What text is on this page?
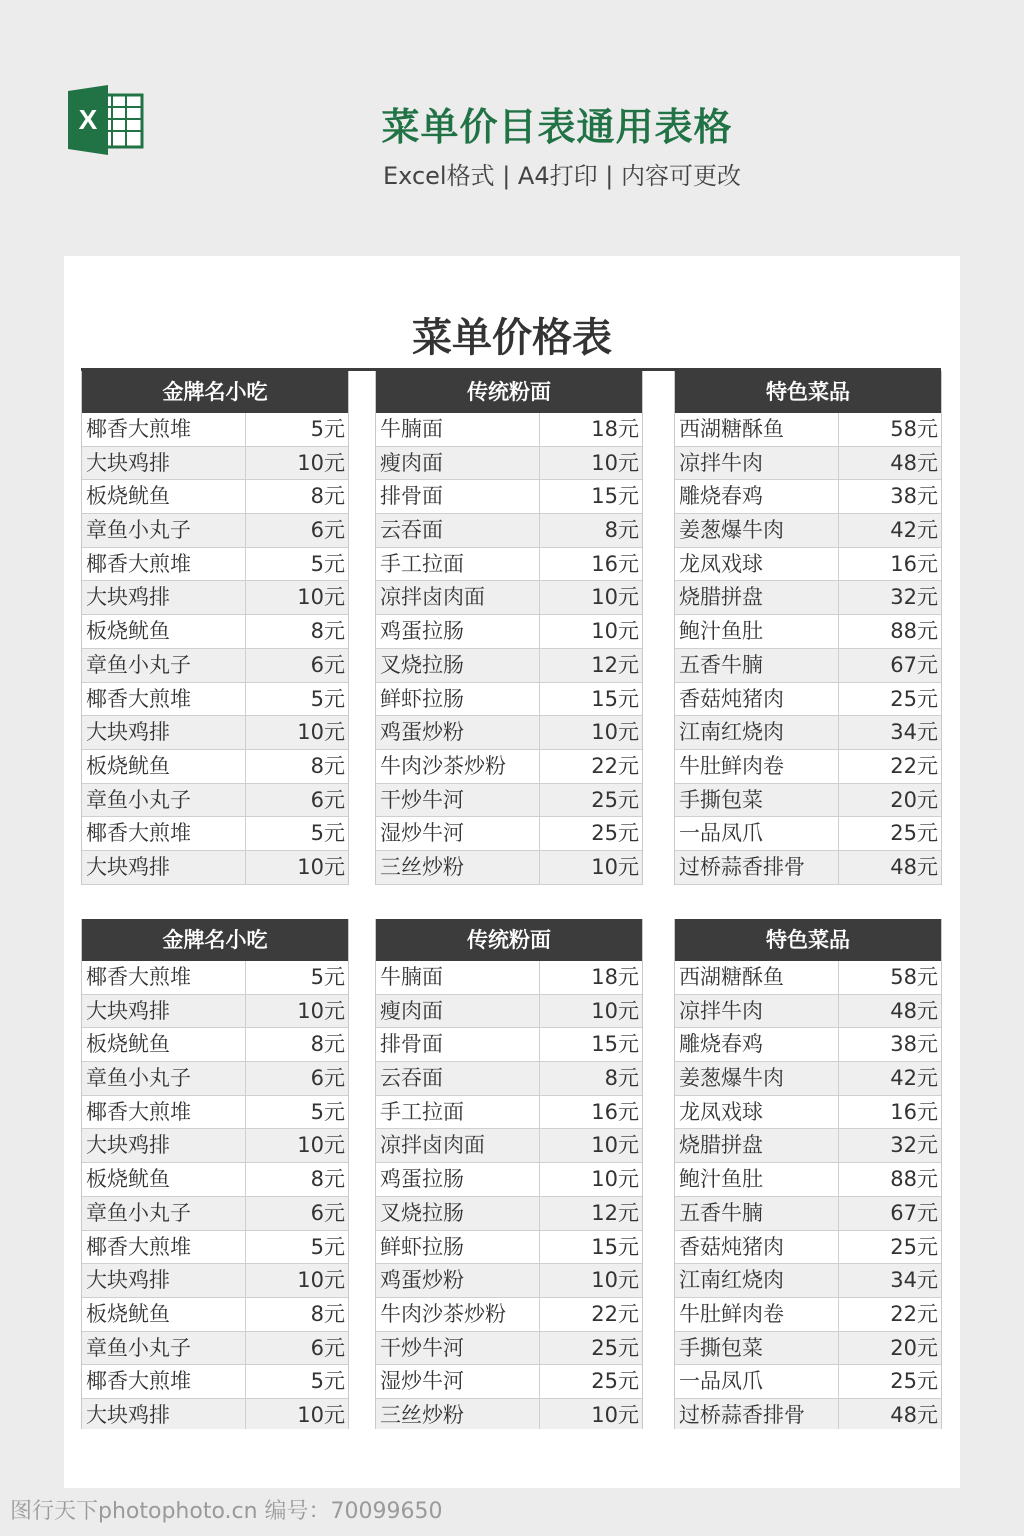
X	菜单价目表通用表格
Excel格式 | A4打印 | 内容可更改
菜单价格表
金牌名小吃
椰香大煎堆	5元
大块鸡排	10元
板烧鱿鱼	8元
章鱼小丸子	6元
椰香大煎堆	5元
大块鸡排	10元
板烧鱿鱼	8元
章鱼小丸子	6元
椰香大煎堆	5元
大块鸡排	10元
板烧鱿鱼	8元
章鱼小丸子	6元
椰香大煎堆	5元
大块鸡排	10元
传统粉面
牛腩面	18元
瘦肉面	10元
排骨面	15元
云吞面	8元
手工拉面	16元
凉拌卤肉面	10元
鸡蛋拉肠	10元
叉烧拉肠	12元
鲜虾拉肠	15元
鸡蛋炒粉	10元
牛肉沙茶炒粉	22元
干炒牛河	25元
湿炒牛河	25元
三丝炒粉	10元
特色菜品
西湖糖酥鱼	58元
凉拌牛肉	48元
雕烧春鸡	38元
姜葱爆牛肉	42元
龙凤戏球	16元
烧腊拼盘	32元
鲍汁鱼肚	88元
五香牛腩	67元
香菇炖猪肉	25元
江南红烧肉	34元
牛肚鲜肉卷	22元
手撕包菜	20元
一品凤爪	25元
过桥蒜香排骨	48元
金牌名小吃
椰香大煎堆	5元
大块鸡排	10元
板烧鱿鱼	8元
章鱼小丸子	6元
椰香大煎堆	5元
大块鸡排	10元
板烧鱿鱼	8元
章鱼小丸子	6元
椰香大煎堆	5元
大块鸡排	10元
板烧鱿鱼	8元
章鱼小丸子	6元
椰香大煎堆	5元
大块鸡排	10元
传统粉面
牛腩面	18元
瘦肉面	10元
排骨面	15元
云吞面	8元
手工拉面	16元
凉拌卤肉面	10元
鸡蛋拉肠	10元
叉烧拉肠	12元
鲜虾拉肠	15元
鸡蛋炒粉	10元
牛肉沙茶炒粉	22元
干炒牛河	25元
湿炒牛河	25元
三丝炒粉	10元
特色菜品
西湖糖酥鱼	58元
凉拌牛肉	48元
雕烧春鸡	38元
姜葱爆牛肉	42元
龙凤戏球	16元
烧腊拼盘	32元
鲍汁鱼肚	88元
五香牛腩	67元
香菇炖猪肉	25元
江南红烧肉	34元
牛肚鲜肉卷	22元
手撕包菜	20元
一品凤爪	25元
过桥蒜香排骨	48元
图行天下photophoto.cn 编号：70099650
